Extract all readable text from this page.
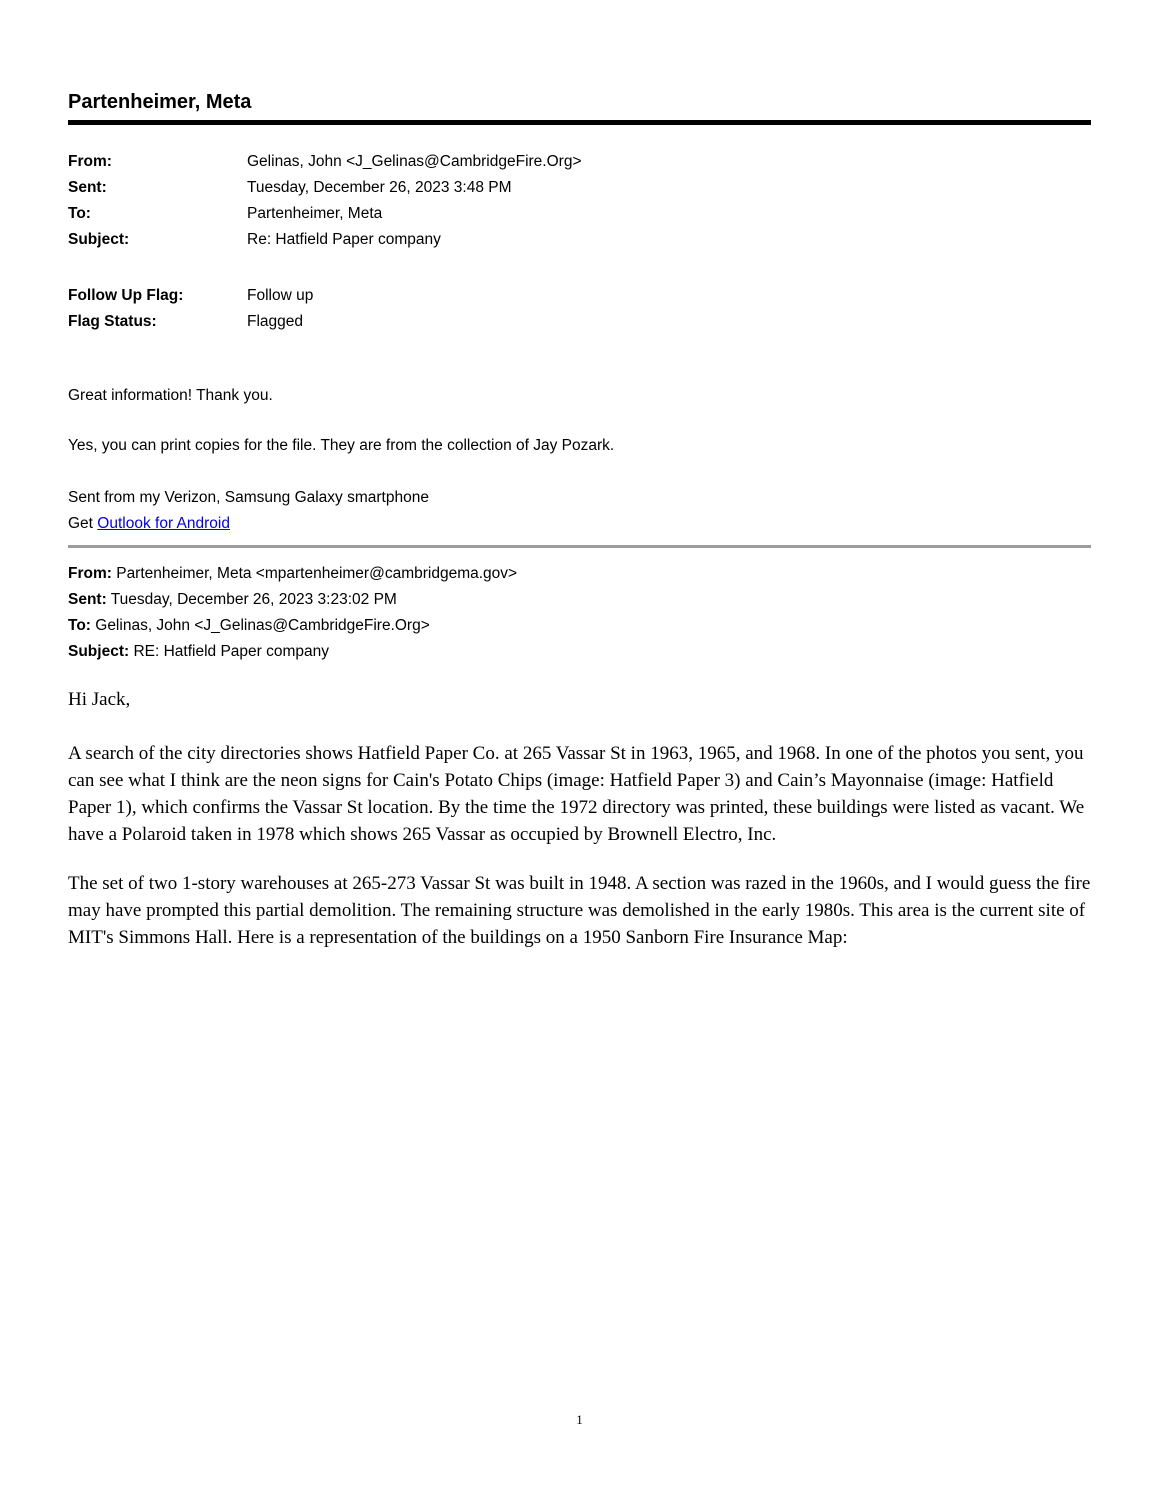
Partenheimer, Meta
From:	Gelinas, John <J_Gelinas@CambridgeFire.Org>
Sent:	Tuesday, December 26, 2023 3:48 PM
To:	Partenheimer, Meta
Subject:	Re: Hatfield Paper company
Follow Up Flag:	Follow up
Flag Status:	Flagged

Great information! Thank you.

Yes, you can print copies for the file. They are from the collection of Jay Pozark.

Sent from my Verizon, Samsung Galaxy smartphone

Get Outlook for Android

From: Partenheimer, Meta <mpartenheimer@cambridgema.gov>

Sent: Tuesday, December 26, 2023 3:23:02 PM

To: Gelinas, John <J_Gelinas@CambridgeFire.Org>

Subject: RE: Hatfield Paper company

Hi Jack,

A search of the city directories shows Hatfield Paper Co. at 265 Vassar St in 1963, 1965, and 1968. In one of the photos you sent, you can see what I think are the neon signs for Cain's Potato Chips (image: Hatfield Paper 3) and Cain’s Mayonnaise (image: Hatfield Paper 1), which confirms the Vassar St location. By the time the 1972 directory was printed, these buildings were listed as vacant. We have a Polaroid taken in 1978 which shows 265 Vassar as occupied by Brownell Electro, Inc.

The set of two 1-story warehouses at 265-273 Vassar St was built in 1948. A section was razed in the 1960s, and I would guess the fire may have prompted this partial demolition. The remaining structure was demolished in the early 1980s. This area is the current site of MIT's Simmons Hall. Here is a representation of the buildings on a 1950 Sanborn Fire Insurance Map:

1
